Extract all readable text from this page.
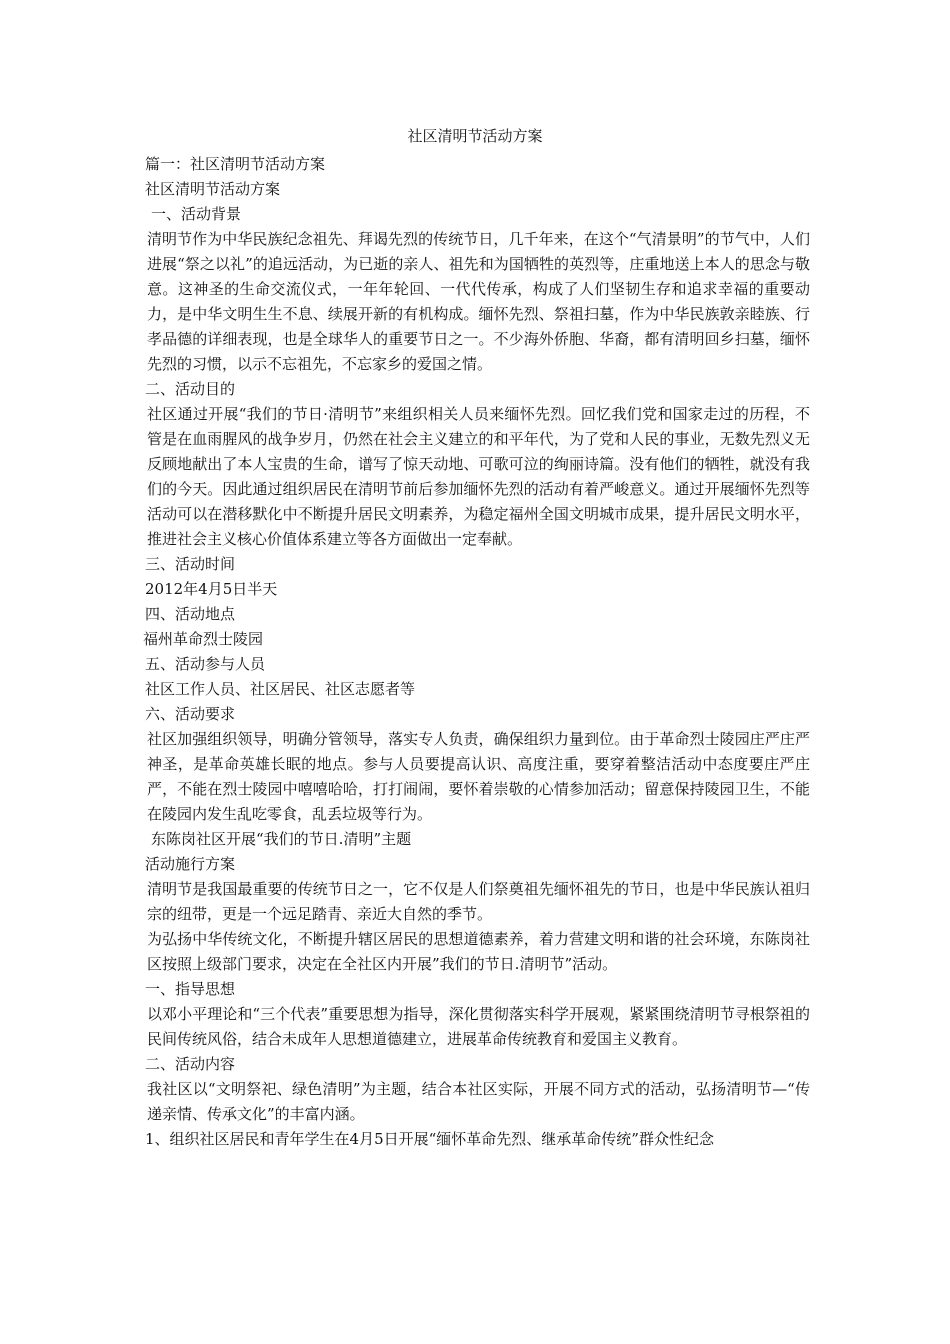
社区清明节活动方案
篇一：社区清明节活动方案
社区清明节活动方案
一、活动背景
清明节作为中华民族纪念祖先、拜谒先烈的传统节日，几千年来，在这个“气清景明”的节气中，人们进展“祭之以礼”的追远活动，为已逝的亲人、祖先和为国牺牲的英烈等，庄重地送上本人的思念与敬意。这神圣的生命交流仪式，一年年轮回、一代代传承，构成了人们坚韧生存和追求幸福的重要动力，是中华文明生生不息、续展开新的有机构成。缅怀先烈、祭祖扫墓，作为中华民族敦亲睦族、行孝品德的详细表现，也是全球华人的重要节日之一。不少海外侨胞、华裔，都有清明回乡扫墓，缅怀先烈的习惯，以示不忘祖先，不忘家乡的爱国之情。
二、活动目的
社区通过开展“我们的节日·清明节”来组织相关人员来缅怀先烈。回忆我们党和国家走过的历程，不管是在血雨腥风的战争岁月，仍然在社会主义建立的和平年代，为了党和人民的事业，无数先烈义无反顾地献出了本人宝贵的生命，谱写了惊天动地、可歌可泣的绚丽诗篇。没有他们的牺牲，就没有我们的今天。因此通过组织居民在清明节前后参加缅怀先烈的活动有着严峻意义。通过开展缅怀先烈等活动可以在潜移默化中不断提升居民文明素养，为稳定福州全国文明城市成果，提升居民文明水平，推进社会主义核心价值体系建立等各方面做出一定奉献。
三、活动时间
2012年4月5日半天
四、活动地点
福州革命烈士陵园
五、活动参与人员
社区工作人员、社区居民、社区志愿者等
六、活动要求
社区加强组织领导，明确分管领导，落实专人负责，确保组织力量到位。由于革命烈士陵园庄严庄严神圣，是革命英雄长眠的地点。参与人员要提高认识、高度注重，要穿着整洁活动中态度要庄严庄严，不能在烈士陵园中嘻嘻哈哈，打打闹闹，要怀着崇敬的心情参加活动；留意保持陵园卫生，不能在陵园内发生乱吃零食，乱丢垃圾等行为。
东陈岗社区开展“我们的节日.清明”主题
活动施行方案
清明节是我国最重要的传统节日之一，它不仅是人们祭奠祖先缅怀祖先的节日，也是中华民族认祖归宗的纽带，更是一个远足踏青、亲近大自然的季节。
为弘扬中华传统文化，不断提升辖区居民的思想道德素养，着力营建文明和谐的社会环境，东陈岗社区按照上级部门要求，决定在全社区内开展”我们的节日.清明节”活动。
一、指导思想
以邓小平理论和“三个代表”重要思想为指导，深化贯彻落实科学开展观，紧紧围绕清明节寻根祭祖的民间传统风俗，结合未成年人思想道德建立，进展革命传统教育和爱国主义教育。
二、活动内容
我社区以“文明祭祀、绿色清明”为主题，结合本社区实际，开展不同方式的活动，弘扬清明节—“传递亲情、传承文化”的丰富内涵。
1、组织社区居民和青年学生在4月5日开展“缅怀革命先烈、继承革命传统”群众性纪念
